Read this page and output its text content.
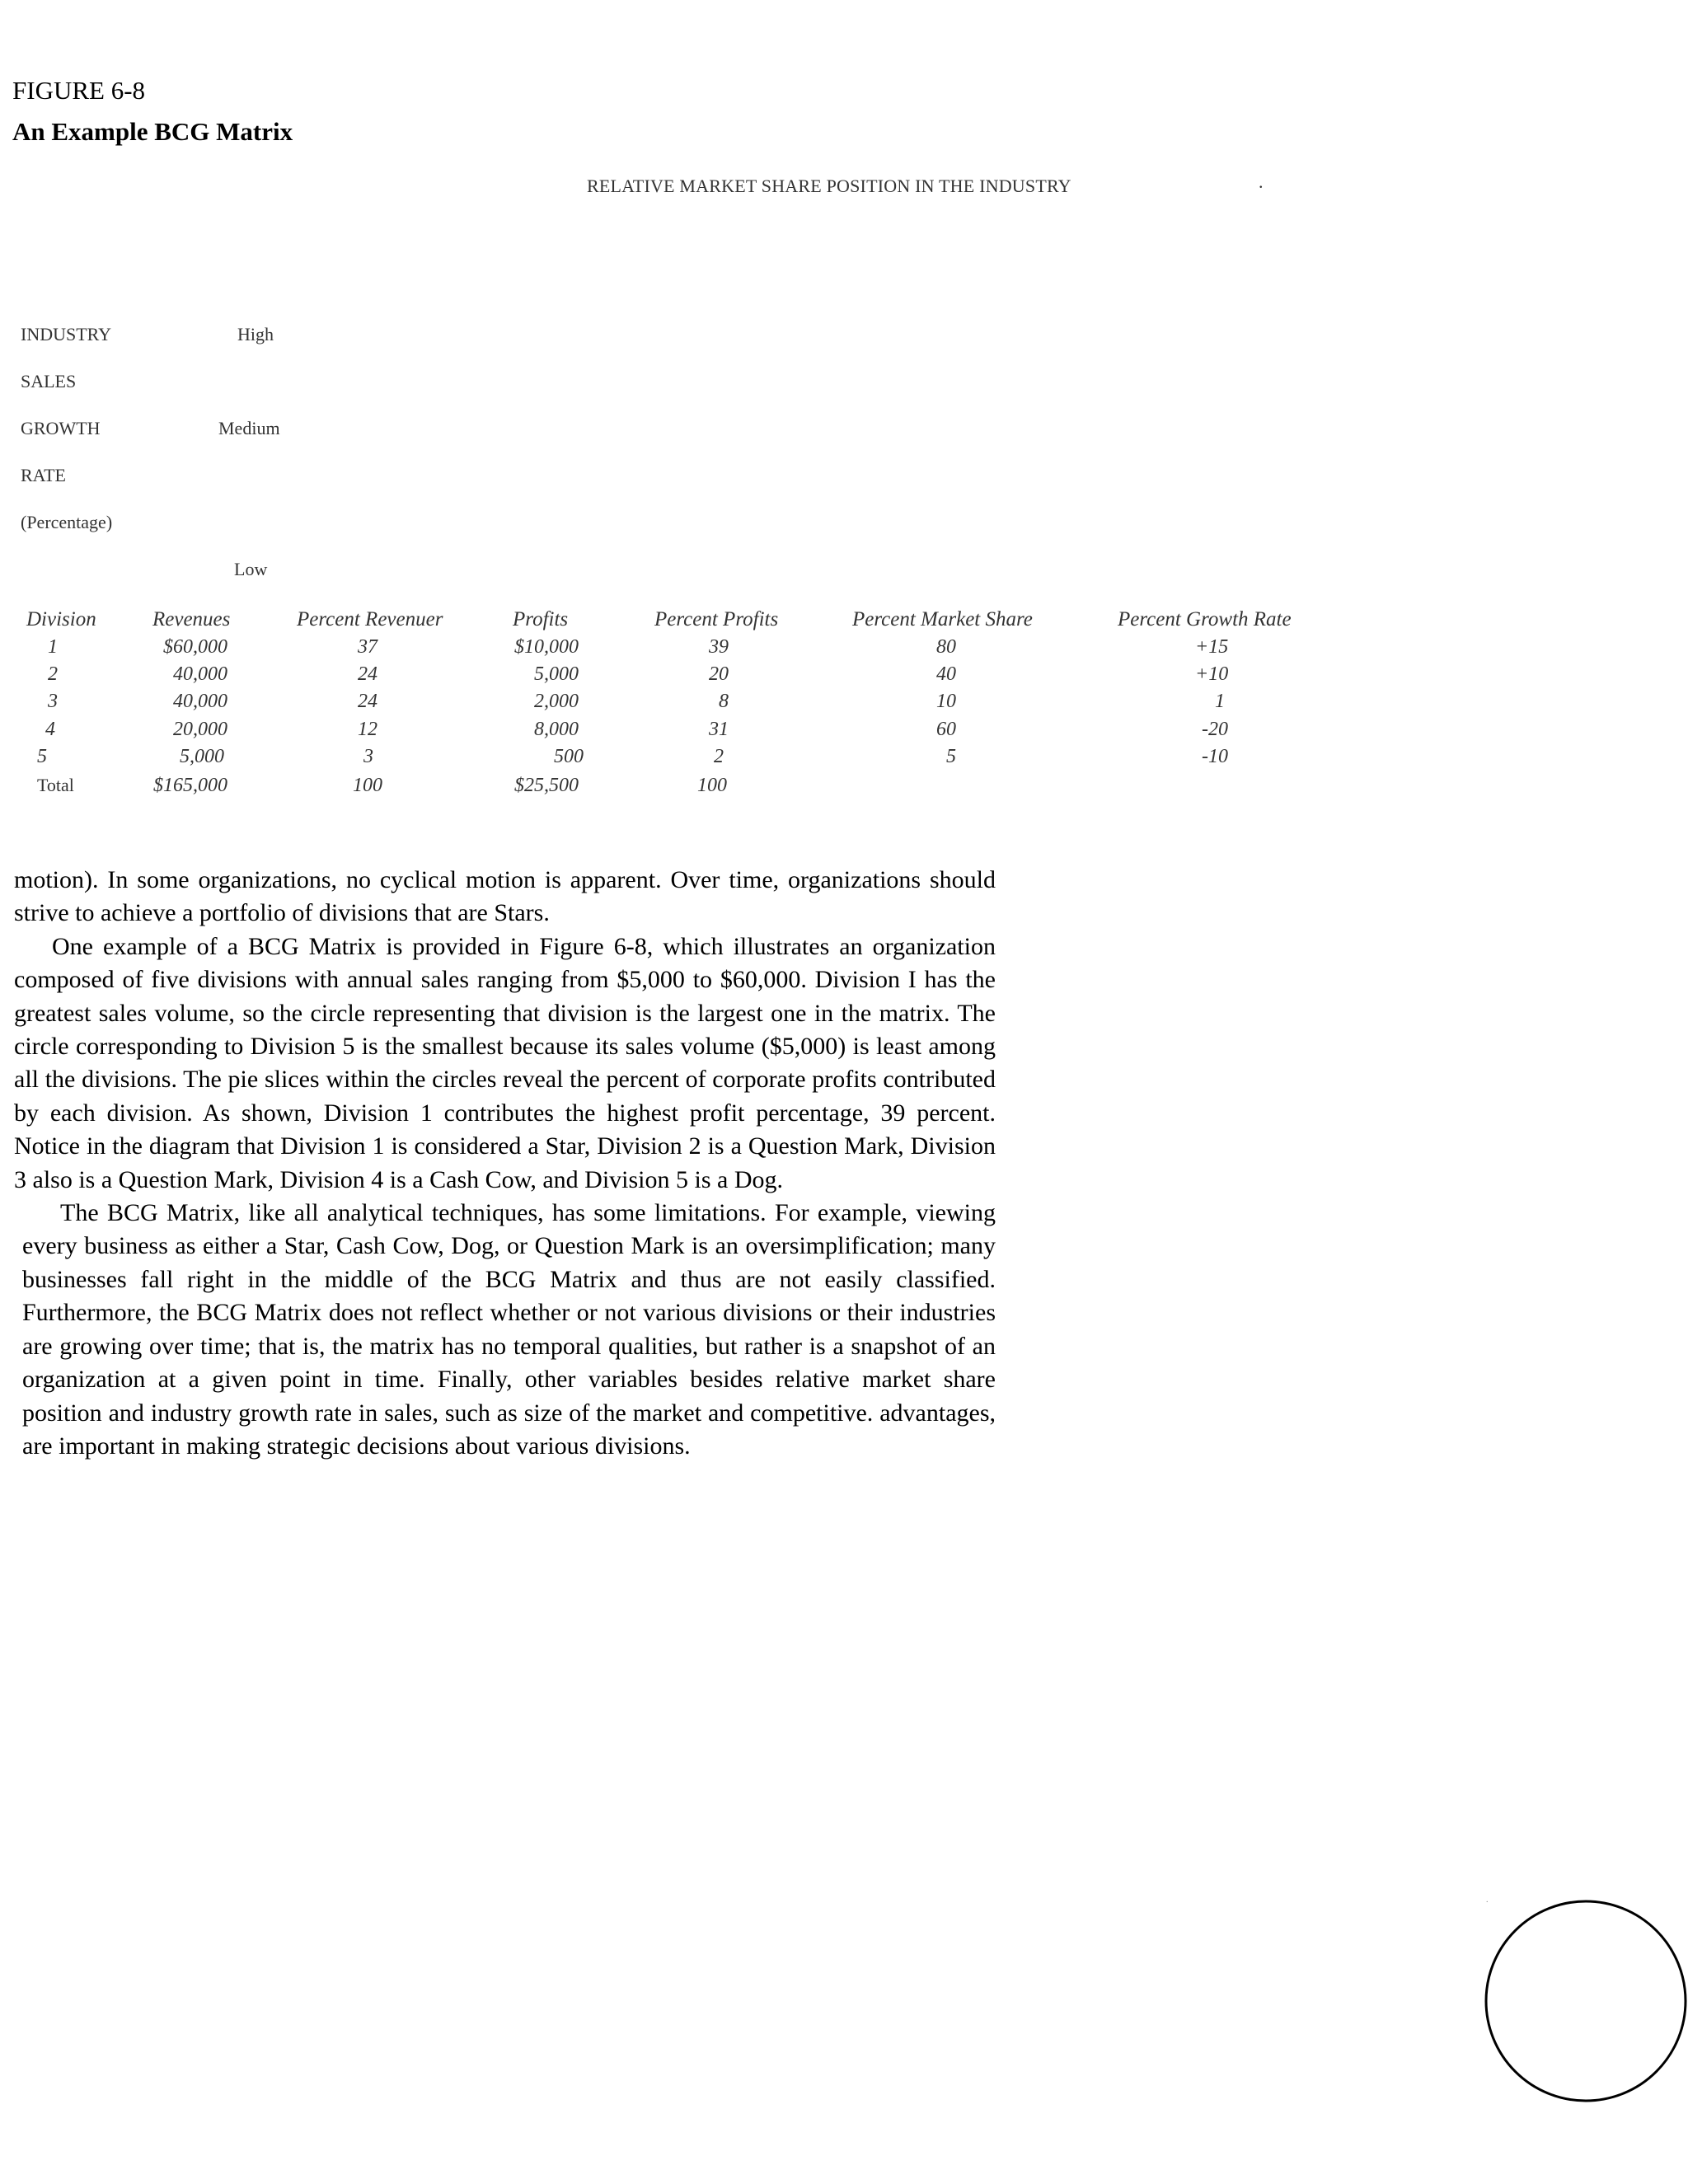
FIGURE 6-8
An Example BCG Matrix
RELATIVE MARKET SHARE POSITION IN THE INDUSTRY	.
INDUSTRY
SALES
GROWTH
RATE
(Percentage)
High
Medium
Low
Division	Revenues	Percent Revenuer	Profits	Percent Profits	Percent Market Share	Percent Growth Rate
1	$60,000	37	$10,000	39	80	+15
2	40,000	24	5,000	20	40	+10
3	40,000	24	2,000	8	10	1
4	20,000	12	8,000	31	60	-20
5	5,000	3	500	2	5	-10
Total	$165,000	100	$25,500	100

motion). In some organizations, no cyclical motion is apparent. Over time, organizations should strive to achieve a portfolio of divisions that are Stars.

One example of a BCG Matrix is provided in Figure 6-8, which illustrates an organization composed of five divisions with annual sales ranging from $5,000 to $60,000. Division I has the greatest sales volume, so the circle representing that division is the largest one in the matrix. The circle corresponding to Division 5 is the smallest because its sales volume ($5,000) is least among all the divisions. The pie slices within the circles reveal the percent of corporate profits contributed by each division. As shown, Division 1 contributes the highest profit percentage, 39 percent. Notice in the diagram that Division 1 is considered a Star, Division 2 is a Question Mark, Division 3 also is a Question Mark, Division 4 is a Cash Cow, and Division 5 is a Dog.

The BCG Matrix, like all analytical techniques, has some limitations. For example, viewing every business as either a Star, Cash Cow, Dog, or Question Mark is an oversimplification; many businesses fall right in the middle of the BCG Matrix and thus are not easily classified. Furthermore, the BCG Matrix does not reflect whether or not various divisions or their industries are growing over time; that is, the matrix has no temporal qualities, but rather is a snapshot of an organization at a given point in time. Finally, other variables besides relative market share position and industry growth rate in sales, such as size of the market and competitive. advantages, are important in making strategic decisions about various divisions.

.
